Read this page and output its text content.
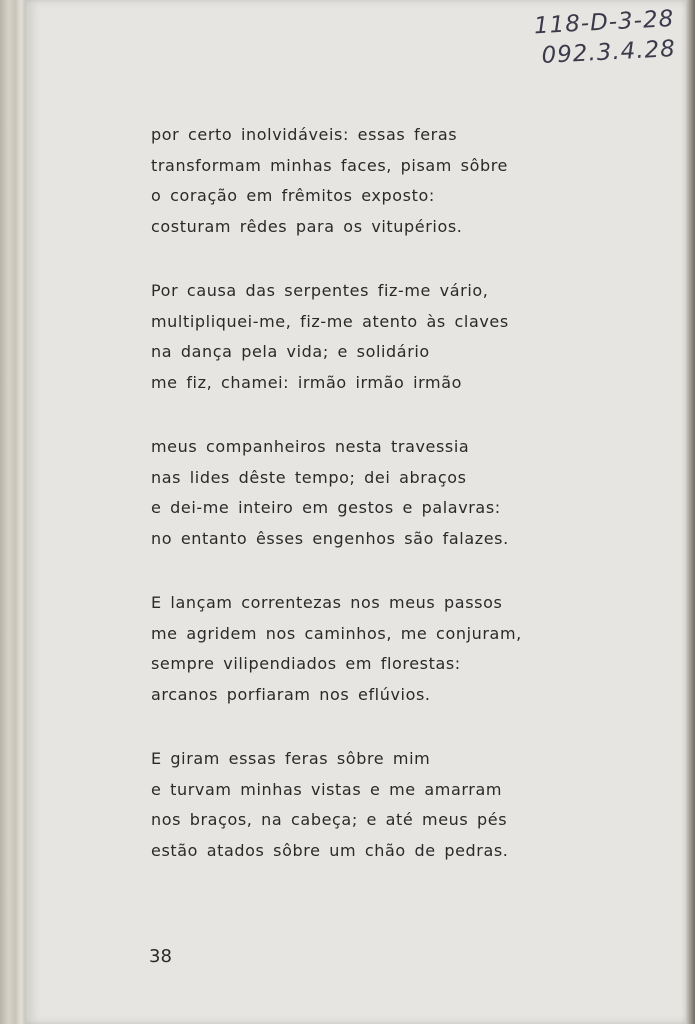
118-D-3-28
092.3.4.28
por certo inolvidáveis: essas feras
transformam minhas faces, pisam sôbre
o coração em frêmitos exposto:
costuram rêdes para os vitupérios.
Por causa das serpentes fiz-me vário,
multipliquei-me, fiz-me atento às claves
na dança pela vida; e solidário
me fiz, chamei: irmão irmão irmão
meus companheiros nesta travessia
nas lides dêste tempo; dei abraços
e dei-me inteiro em gestos e palavras:
no entanto êsses engenhos são falazes.
E lançam correntezas nos meus passos
me agridem nos caminhos, me conjuram,
sempre vilipendiados em florestas:
arcanos porfiaram nos eflúvios.
E giram essas feras sôbre mim
e turvam minhas vistas e me amarram
nos braços, na cabeça; e até meus pés
estão atados sôbre um chão de pedras.
38
